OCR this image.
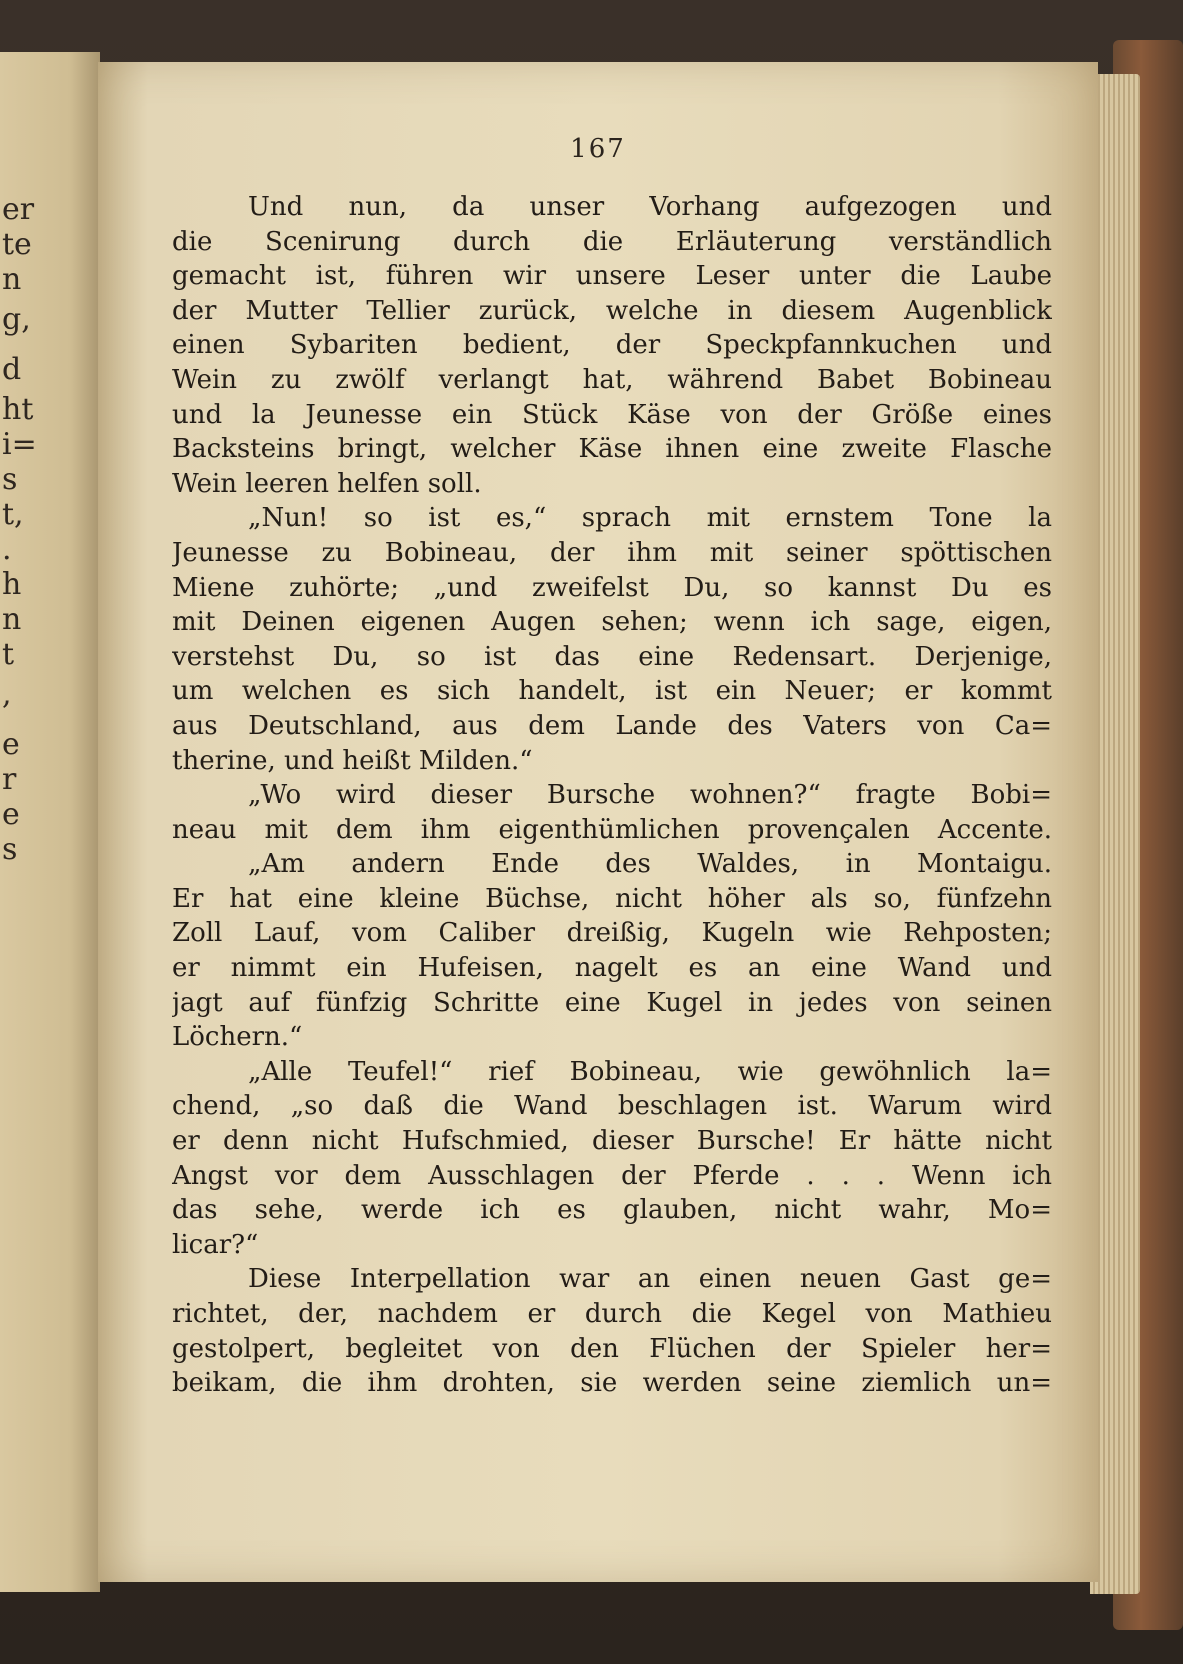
er
te
n
g,
d
ht
i=
s
t,
.
h
n
t
,
e
r
e
s
167
Und nun, da unser Vorhang aufgezogen und
die Scenirung durch die Erläuterung verständlich
gemacht ist, führen wir unsere Leser unter die Laube
der Mutter Tellier zurück, welche in diesem Augenblick
einen Sybariten bedient, der Speckpfannkuchen und
Wein zu zwölf verlangt hat, während Babet Bobineau
und la Jeunesse ein Stück Käse von der Größe eines
Backsteins bringt, welcher Käse ihnen eine zweite Flasche
Wein leeren helfen soll.
„Nun! so ist es,“ sprach mit ernstem Tone la
Jeunesse zu Bobineau, der ihm mit seiner spöttischen
Miene zuhörte; „und zweifelst Du, so kannst Du es
mit Deinen eigenen Augen sehen; wenn ich sage, eigen,
verstehst Du, so ist das eine Redensart. Derjenige,
um welchen es sich handelt, ist ein Neuer; er kommt
aus Deutschland, aus dem Lande des Vaters von Ca=
therine, und heißt Milden.“
„Wo wird dieser Bursche wohnen?“ fragte Bobi=
neau mit dem ihm eigenthümlichen provençalen Accente.
„Am andern Ende des Waldes, in Montaigu.
Er hat eine kleine Büchse, nicht höher als so, fünfzehn
Zoll Lauf, vom Caliber dreißig, Kugeln wie Rehposten;
er nimmt ein Hufeisen, nagelt es an eine Wand und
jagt auf fünfzig Schritte eine Kugel in jedes von seinen
Löchern.“
„Alle Teufel!“ rief Bobineau, wie gewöhnlich la=
chend, „so daß die Wand beschlagen ist. Warum wird
er denn nicht Hufschmied, dieser Bursche! Er hätte nicht
Angst vor dem Ausschlagen der Pferde . . . Wenn ich
das sehe, werde ich es glauben, nicht wahr, Mo=
licar?“
Diese Interpellation war an einen neuen Gast ge=
richtet, der, nachdem er durch die Kegel von Mathieu
gestolpert, begleitet von den Flüchen der Spieler her=
beikam, die ihm drohten, sie werden seine ziemlich un=
